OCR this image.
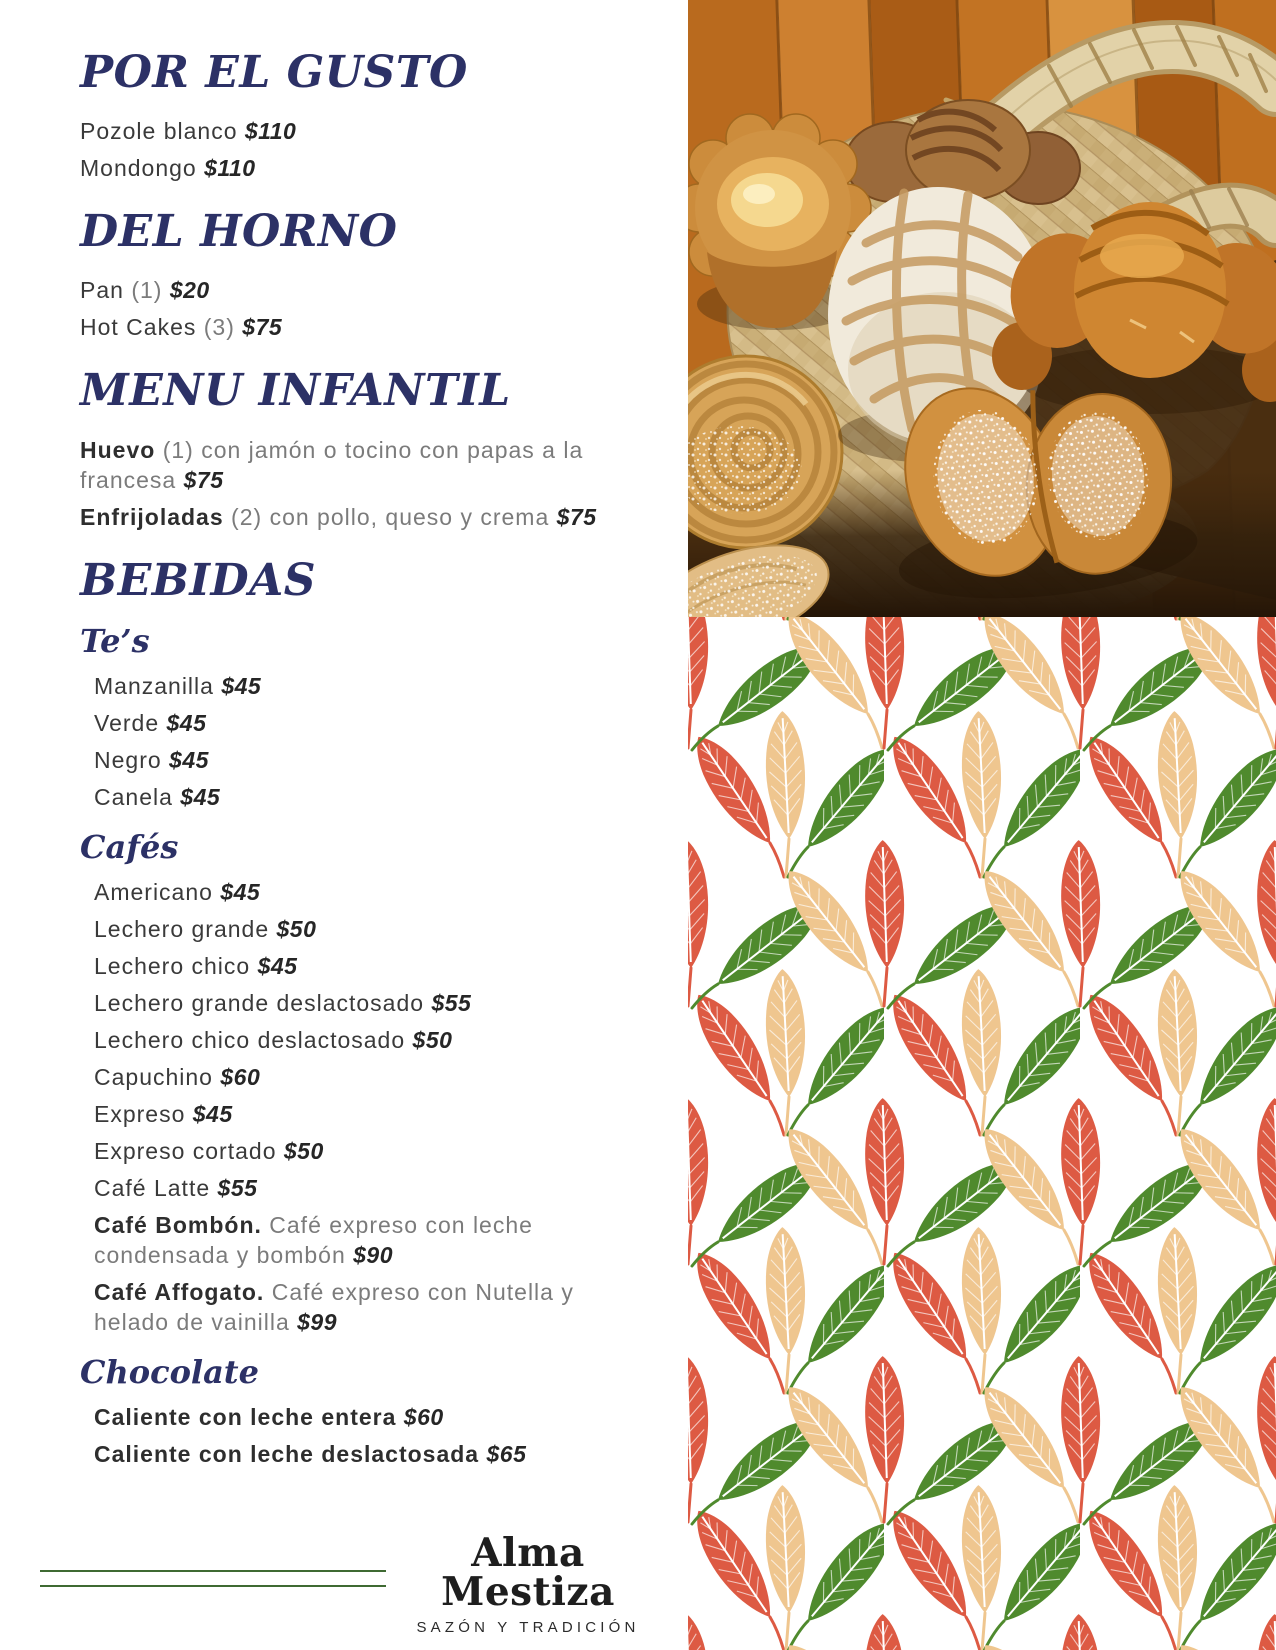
POR EL GUSTO

Pozole blanco $110

Mondongo $110

DEL HORNO

Pan (1) $20

Hot Cakes (3) $75

MENU INFANTIL

Huevo (1) con jamón o tocino con papas a la francesa $75

Enfrijoladas (2) con pollo, queso y crema $75

BEBIDAS
Te’s

Manzanilla $45

Verde $45

Negro $45

Canela $45

Cafés

Americano $45

Lechero grande $50

Lechero chico $45

Lechero grande deslactosado $55

Lechero chico deslactosado $50

Capuchino $60

Expreso $45

Expreso cortado $50

Café Latte $55

Café Bombón. Café expreso con leche condensada y bombón $90

Café Affogato. Café expreso con Nutella y helado de vainilla $99

Chocolate

Caliente con leche entera $60

Caliente con leche deslactosada $65

Alma Mestiza
SAZÓN Y TRADICIÓN
